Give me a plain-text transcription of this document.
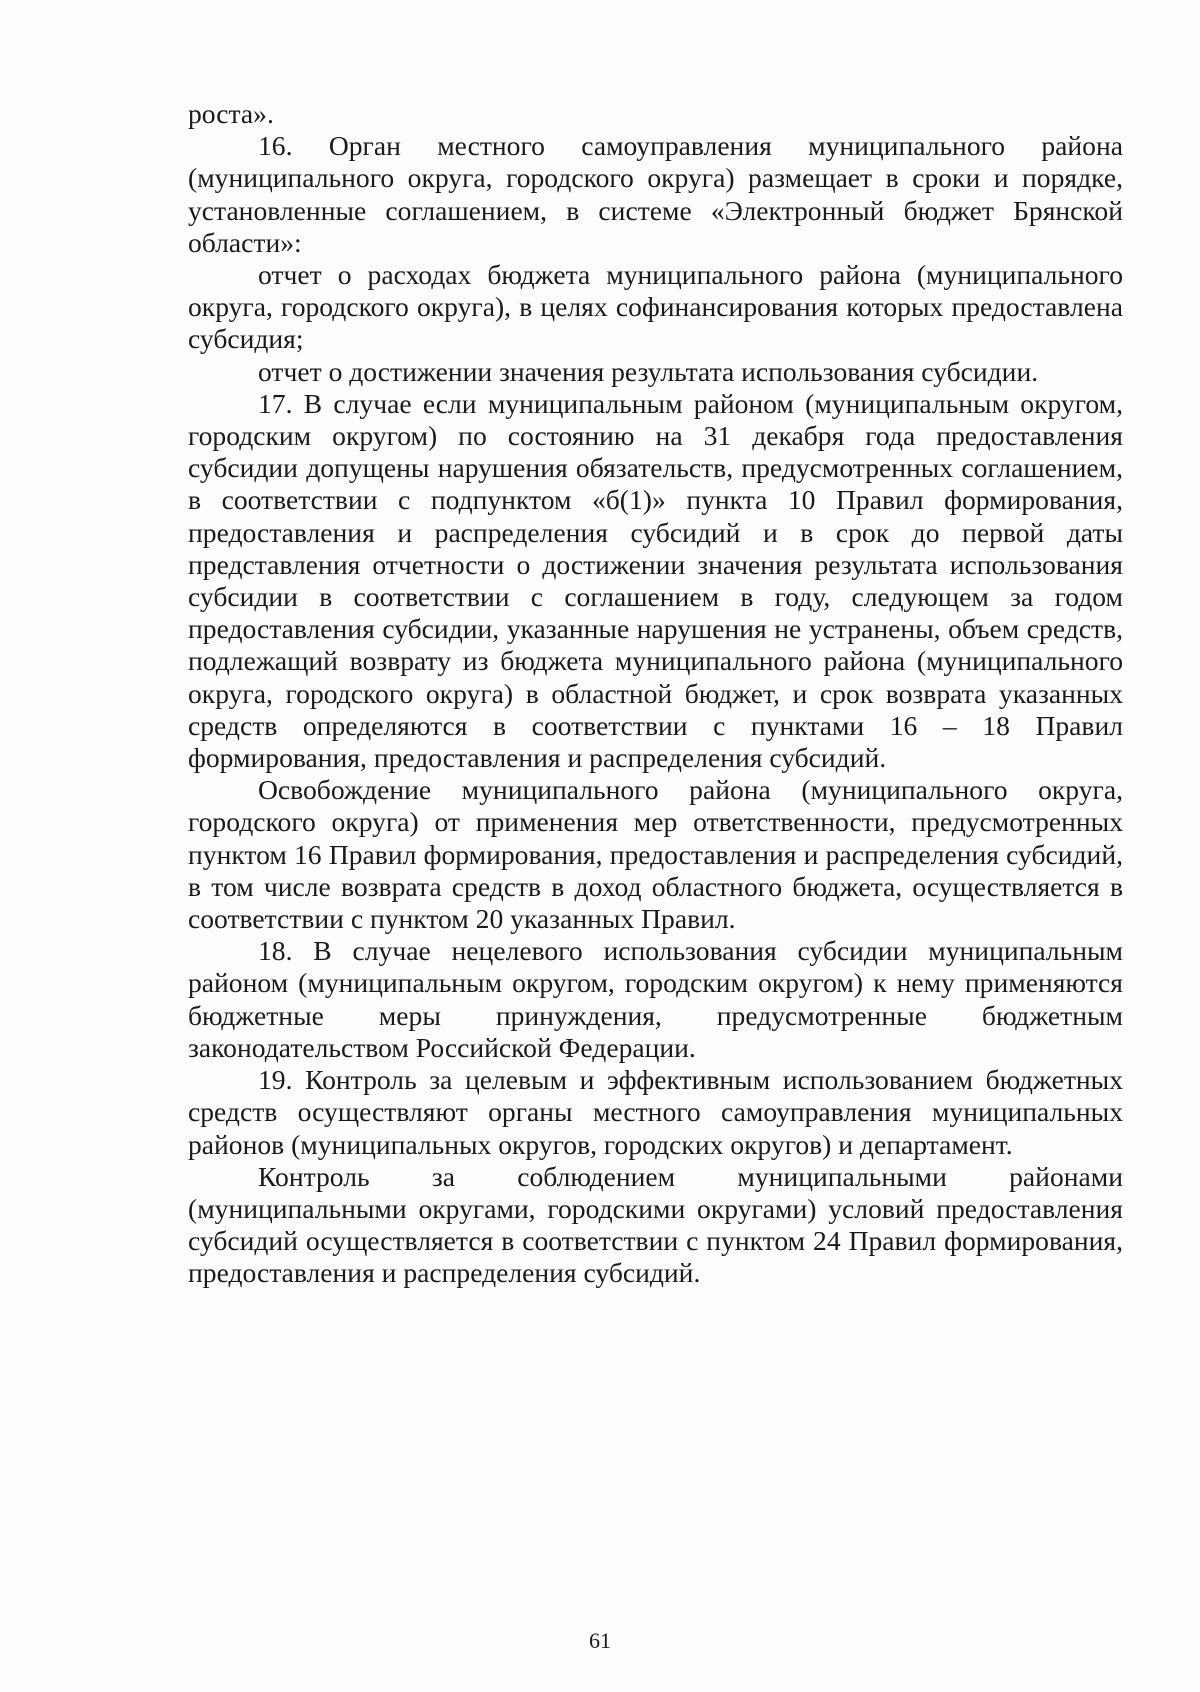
роста».

16. Орган местного самоуправления муниципального района (муниципального округа, городского округа) размещает в сроки и порядке, установленные соглашением, в системе «Электронный бюджет Брянской области»:

отчет о расходах бюджета муниципального района (муниципального округа, городского округа), в целях софинансирования которых предоставлена субсидия;

отчет о достижении значения результата использования субсидии.

17. В случае если муниципальным районом (муниципальным округом, городским округом) по состоянию на 31 декабря года предоставления субсидии допущены нарушения обязательств, предусмотренных соглашением, в соответствии с подпунктом «б(1)» пункта 10 Правил формирования, предоставления и распределения субсидий и в срок до первой даты представления отчетности о достижении значения результата использования субсидии в соответствии с соглашением в году, следующем за годом предоставления субсидии, указанные нарушения не устранены, объем средств, подлежащий возврату из бюджета муниципального района (муниципального округа, городского округа) в областной бюджет, и срок возврата указанных средств определяются в соответствии с пунктами 16 – 18 Правил формирования, предоставления и распределения субсидий.

Освобождение муниципального района (муниципального округа, городского округа) от применения мер ответственности, предусмотренных пунктом 16 Правил формирования, предоставления и распределения субсидий, в том числе возврата средств в доход областного бюджета, осуществляется в соответствии с пунктом 20 указанных Правил.

18. В случае нецелевого использования субсидии муниципальным районом (муниципальным округом, городским округом) к нему применяются бюджетные меры принуждения, предусмотренные бюджетным законодательством Российской Федерации.

19. Контроль за целевым и эффективным использованием бюджетных средств осуществляют органы местного самоуправления муниципальных районов (муниципальных округов, городских округов) и департамент.

Контроль за соблюдением муниципальными районами (муниципальными округами, городскими округами) условий предоставления субсидий осуществляется в соответствии с пунктом 24 Правил формирования, предоставления и распределения субсидий.

61
